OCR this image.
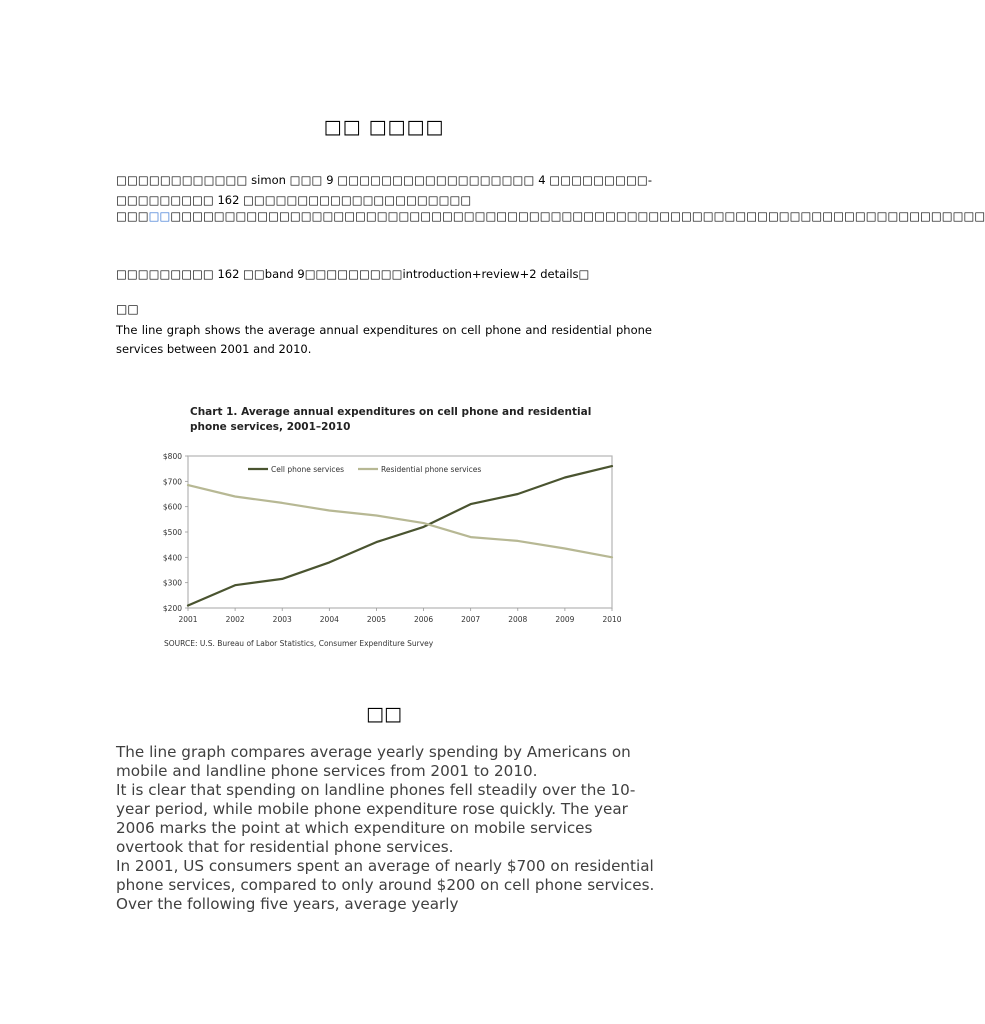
□□ □□□□

□□□□□□□□□□□□ simon □□□ 9 □□□□□□□□□□□□□□□□□□ 4 □□□□□□□□□-□□□□□□□□□ 162 □□□□□□□□□□□□□□□□□□□□□

□□□□□□□□□□□□□□□□□□□□□□□□□□□□□□□□□□□□□□□□□□□□□□□□□□□□□□□□□□□□□□□□□□□□□□□□□□□□□□□□

□□□□□□□□□ 162 □□band 9□□□□□□□□□introduction+review+2 details□

□□

The line graph shows the average annual expenditures on cell phone and residential phone services between 2001 and 2010.

Chart 1. Average annual expenditures on cell phone and residential
phone services, 2001–2010
$200
$300
$400
$500
$600
$700
$800
2001	2002	2003	2004	2005	2006	2007	2008	2009	2010
Cell phone services	Residential phone services
SOURCE: U.S. Bureau of Labor Statistics, Consumer Expenditure Survey
□□

The line graph compares average yearly spending by Americans on mobile and landline phone services from 2001 to 2010.

It is clear that spending on landline phones fell steadily over the 10-year period, while mobile phone expenditure rose quickly. The year 2006 marks the point at which expenditure on mobile services overtook that for residential phone services.

In 2001, US consumers spent an average of nearly $700 on residential phone services, compared to only around $200 on cell phone services. Over the following five years, average yearly
